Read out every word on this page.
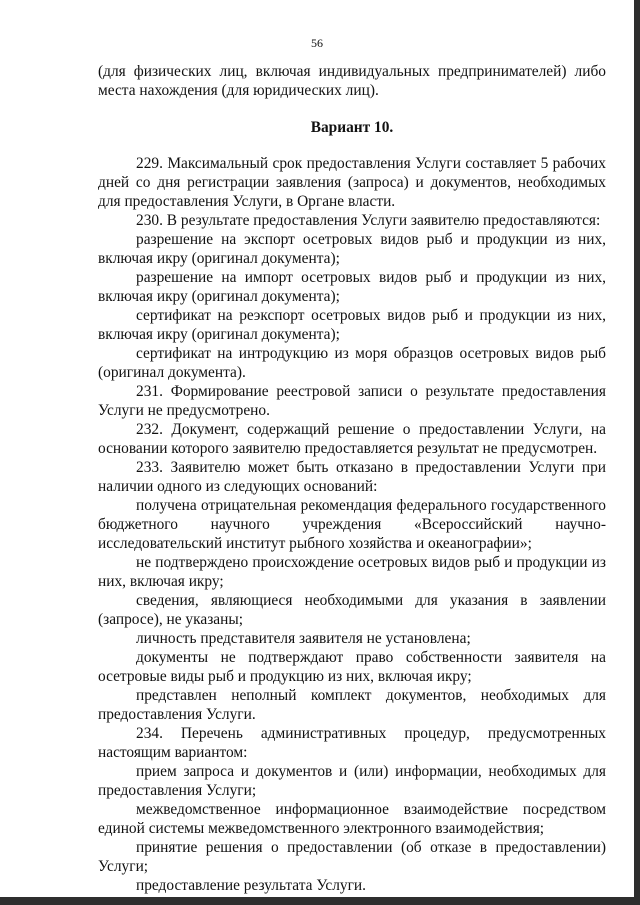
56

(для физических лиц, включая индивидуальных предпринимателей) либо места нахождения (для юридических лиц).

Вариант 10.

229. Максимальный срок предоставления Услуги составляет 5 рабочих дней со дня регистрации заявления (запроса) и документов, необходимых для предоставления Услуги, в Органе власти.

230. В результате предоставления Услуги заявителю предоставляются:

разрешение на экспорт осетровых видов рыб и продукции из них, включая икру (оригинал документа);

разрешение на импорт осетровых видов рыб и продукции из них, включая икру (оригинал документа);

сертификат на реэкспорт осетровых видов рыб и продукции из них, включая икру (оригинал документа);

сертификат на интродукцию из моря образцов осетровых видов рыб (оригинал документа).

231. Формирование реестровой записи о результате предоставления Услуги не предусмотрено.

232. Документ, содержащий решение о предоставлении Услуги, на основании которого заявителю предоставляется результат не предусмотрен.

233. Заявителю может быть отказано в предоставлении Услуги при наличии одного из следующих оснований:

получена отрицательная рекомендация федерального государственного бюджетного научного учреждения «Всероссийский научно-исследовательский институт рыбного хозяйства и океанографии»;

не подтверждено происхождение осетровых видов рыб и продукции из них, включая икру;

сведения, являющиеся необходимыми для указания в заявлении (запросе), не указаны;

личность представителя заявителя не установлена;

документы не подтверждают право собственности заявителя на осетровые виды рыб и продукцию из них, включая икру;

представлен неполный комплект документов, необходимых для предоставления Услуги.

234. Перечень административных процедур, предусмотренных настоящим вариантом:

прием запроса и документов и (или) информации, необходимых для предоставления Услуги;

межведомственное информационное взаимодействие посредством единой системы межведомственного электронного взаимодействия;

принятие решения о предоставлении (об отказе в предоставлении) Услуги;

предоставление результата Услуги.
